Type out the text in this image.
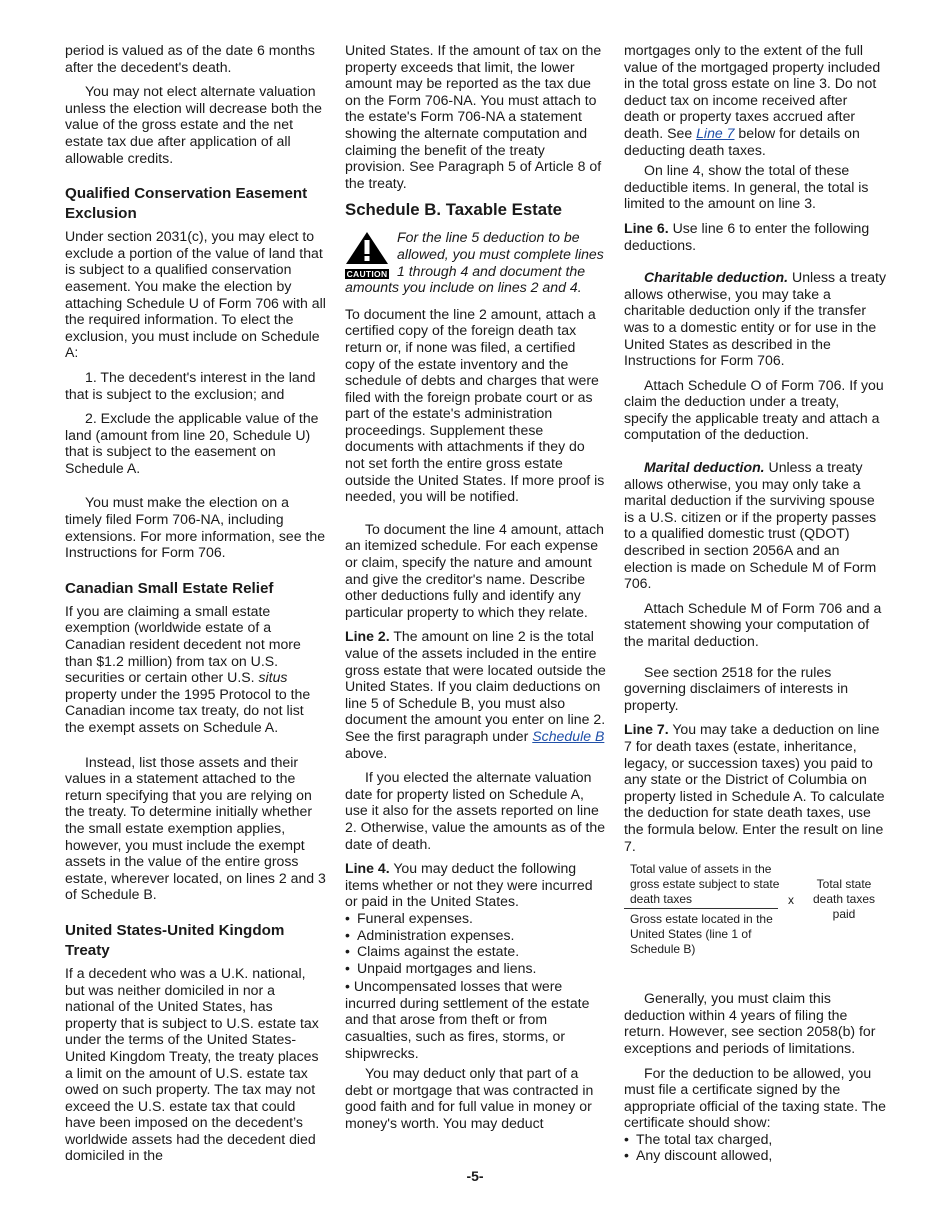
period is valued as of the date 6 months after the decedent's death.

You may not elect alternate valuation unless the election will decrease both the value of the gross estate and the net estate tax due after application of all allowable credits.

Qualified Conservation Easement Exclusion

Under section 2031(c), you may elect to exclude a portion of the value of land that is subject to a qualified conservation easement. You make the election by attaching Schedule U of Form 706 with all the required information. To elect the exclusion, you must include on Schedule A:

1. The decedent's interest in the land that is subject to the exclusion; and

2. Exclude the applicable value of the land (amount from line 20, Schedule U) that is subject to the easement on Schedule A.

You must make the election on a timely filed Form 706-NA, including extensions. For more information, see the Instructions for Form 706.

Canadian Small Estate Relief

If you are claiming a small estate exemption (worldwide estate of a Canadian resident decedent not more than $1.2 million) from tax on U.S. securities or certain other U.S. situs property under the 1995 Protocol to the Canadian income tax treaty, do not list the exempt assets on Schedule A.

Instead, list those assets and their values in a statement attached to the return specifying that you are relying on the treaty. To determine initially whether the small estate exemption applies, however, you must include the exempt assets in the value of the entire gross estate, wherever located, on lines 2 and 3 of Schedule B.

United States-United Kingdom Treaty

If a decedent who was a U.K. national, but was neither domiciled in nor a national of the United States, has property that is subject to U.S. estate tax under the terms of the United States-United Kingdom Treaty, the treaty places a limit on the amount of U.S. estate tax owed on such property. The tax may not exceed the U.S. estate tax that could have been imposed on the decedent’s worldwide assets had the decedent died domiciled in the

United States. If the amount of tax on the property exceeds that limit, the lower amount may be reported as the tax due on the Form 706-NA. You must attach to the estate's Form 706-NA a statement showing the alternate computation and claiming the benefit of the treaty provision. See Paragraph 5 of Article 8 of the treaty.

Schedule B. Taxable Estate
CAUTION
For the line 5 deduction to be allowed, you must complete lines 1 through 4 and document the amounts you include on lines 2 and 4.

To document the line 2 amount, attach a certified copy of the foreign death tax return or, if none was filed, a certified copy of the estate inventory and the schedule of debts and charges that were filed with the foreign probate court or as part of the estate's administration proceedings. Supplement these documents with attachments if they do not set forth the entire gross estate outside the United States. If more proof is needed, you will be notified.

To document the line 4 amount, attach an itemized schedule. For each expense or claim, specify the nature and amount and give the creditor's name. Describe other deductions fully and identify any particular property to which they relate.

Line 2. The amount on line 2 is the total value of the assets included in the entire gross estate that were located outside the United States. If you claim deductions on line 5 of Schedule B, you must also document the amount you enter on line 2. See the first paragraph under Schedule B above.

If you elected the alternate valuation date for property listed on Schedule A, use it also for the assets reported on line 2. Otherwise, value the amounts as of the date of death.

Line 4. You may deduct the following items whether or not they were incurred or paid in the United States.

• Funeral expenses.
• Administration expenses.
• Claims against the estate.
• Unpaid mortgages and liens.

• Uncompensated losses that were incurred during settlement of the estate and that arose from theft or from casualties, such as fires, storms, or shipwrecks.

You may deduct only that part of a debt or mortgage that was contracted in good faith and for full value in money or money's worth. You may deduct

mortgages only to the extent of the full value of the mortgaged property included in the total gross estate on line 3. Do not deduct tax on income received after death or property taxes accrued after death. See Line 7 below for details on deducting death taxes.

On line 4, show the total of these deductible items. In general, the total is limited to the amount on line 3.

Line 6. Use line 6 to enter the following deductions.

Charitable deduction. Unless a treaty allows otherwise, you may take a charitable deduction only if the transfer was to a domestic entity or for use in the United States as described in the Instructions for Form 706.

Attach Schedule O of Form 706. If you claim the deduction under a treaty, specify the applicable treaty and attach a computation of the deduction.

Marital deduction. Unless a treaty allows otherwise, you may only take a marital deduction if the surviving spouse is a U.S. citizen or if the property passes to a qualified domestic trust (QDOT) described in section 2056A and an election is made on Schedule M of Form 706.

Attach Schedule M of Form 706 and a statement showing your computation of the marital deduction.

See section 2518 for the rules governing disclaimers of interests in property.

Line 7. You may take a deduction on line 7 for death taxes (estate, inheritance, legacy, or succession taxes) you paid to any state or the District of Columbia on property listed in Schedule A. To calculate the deduction for state death taxes, use the formula below. Enter the result on line 7.

Total value of assets in the gross estate subject to state death taxes
Gross estate located in the United States (line 1 of Schedule B)
x
Total state death taxes paid

Generally, you must claim this deduction within 4 years of filing the return. However, see section 2058(b) for exceptions and periods of limitations.

For the deduction to be allowed, you must file a certificate signed by the appropriate official of the taxing state. The certificate should show:

• The total tax charged,
• Any discount allowed,
-5-
